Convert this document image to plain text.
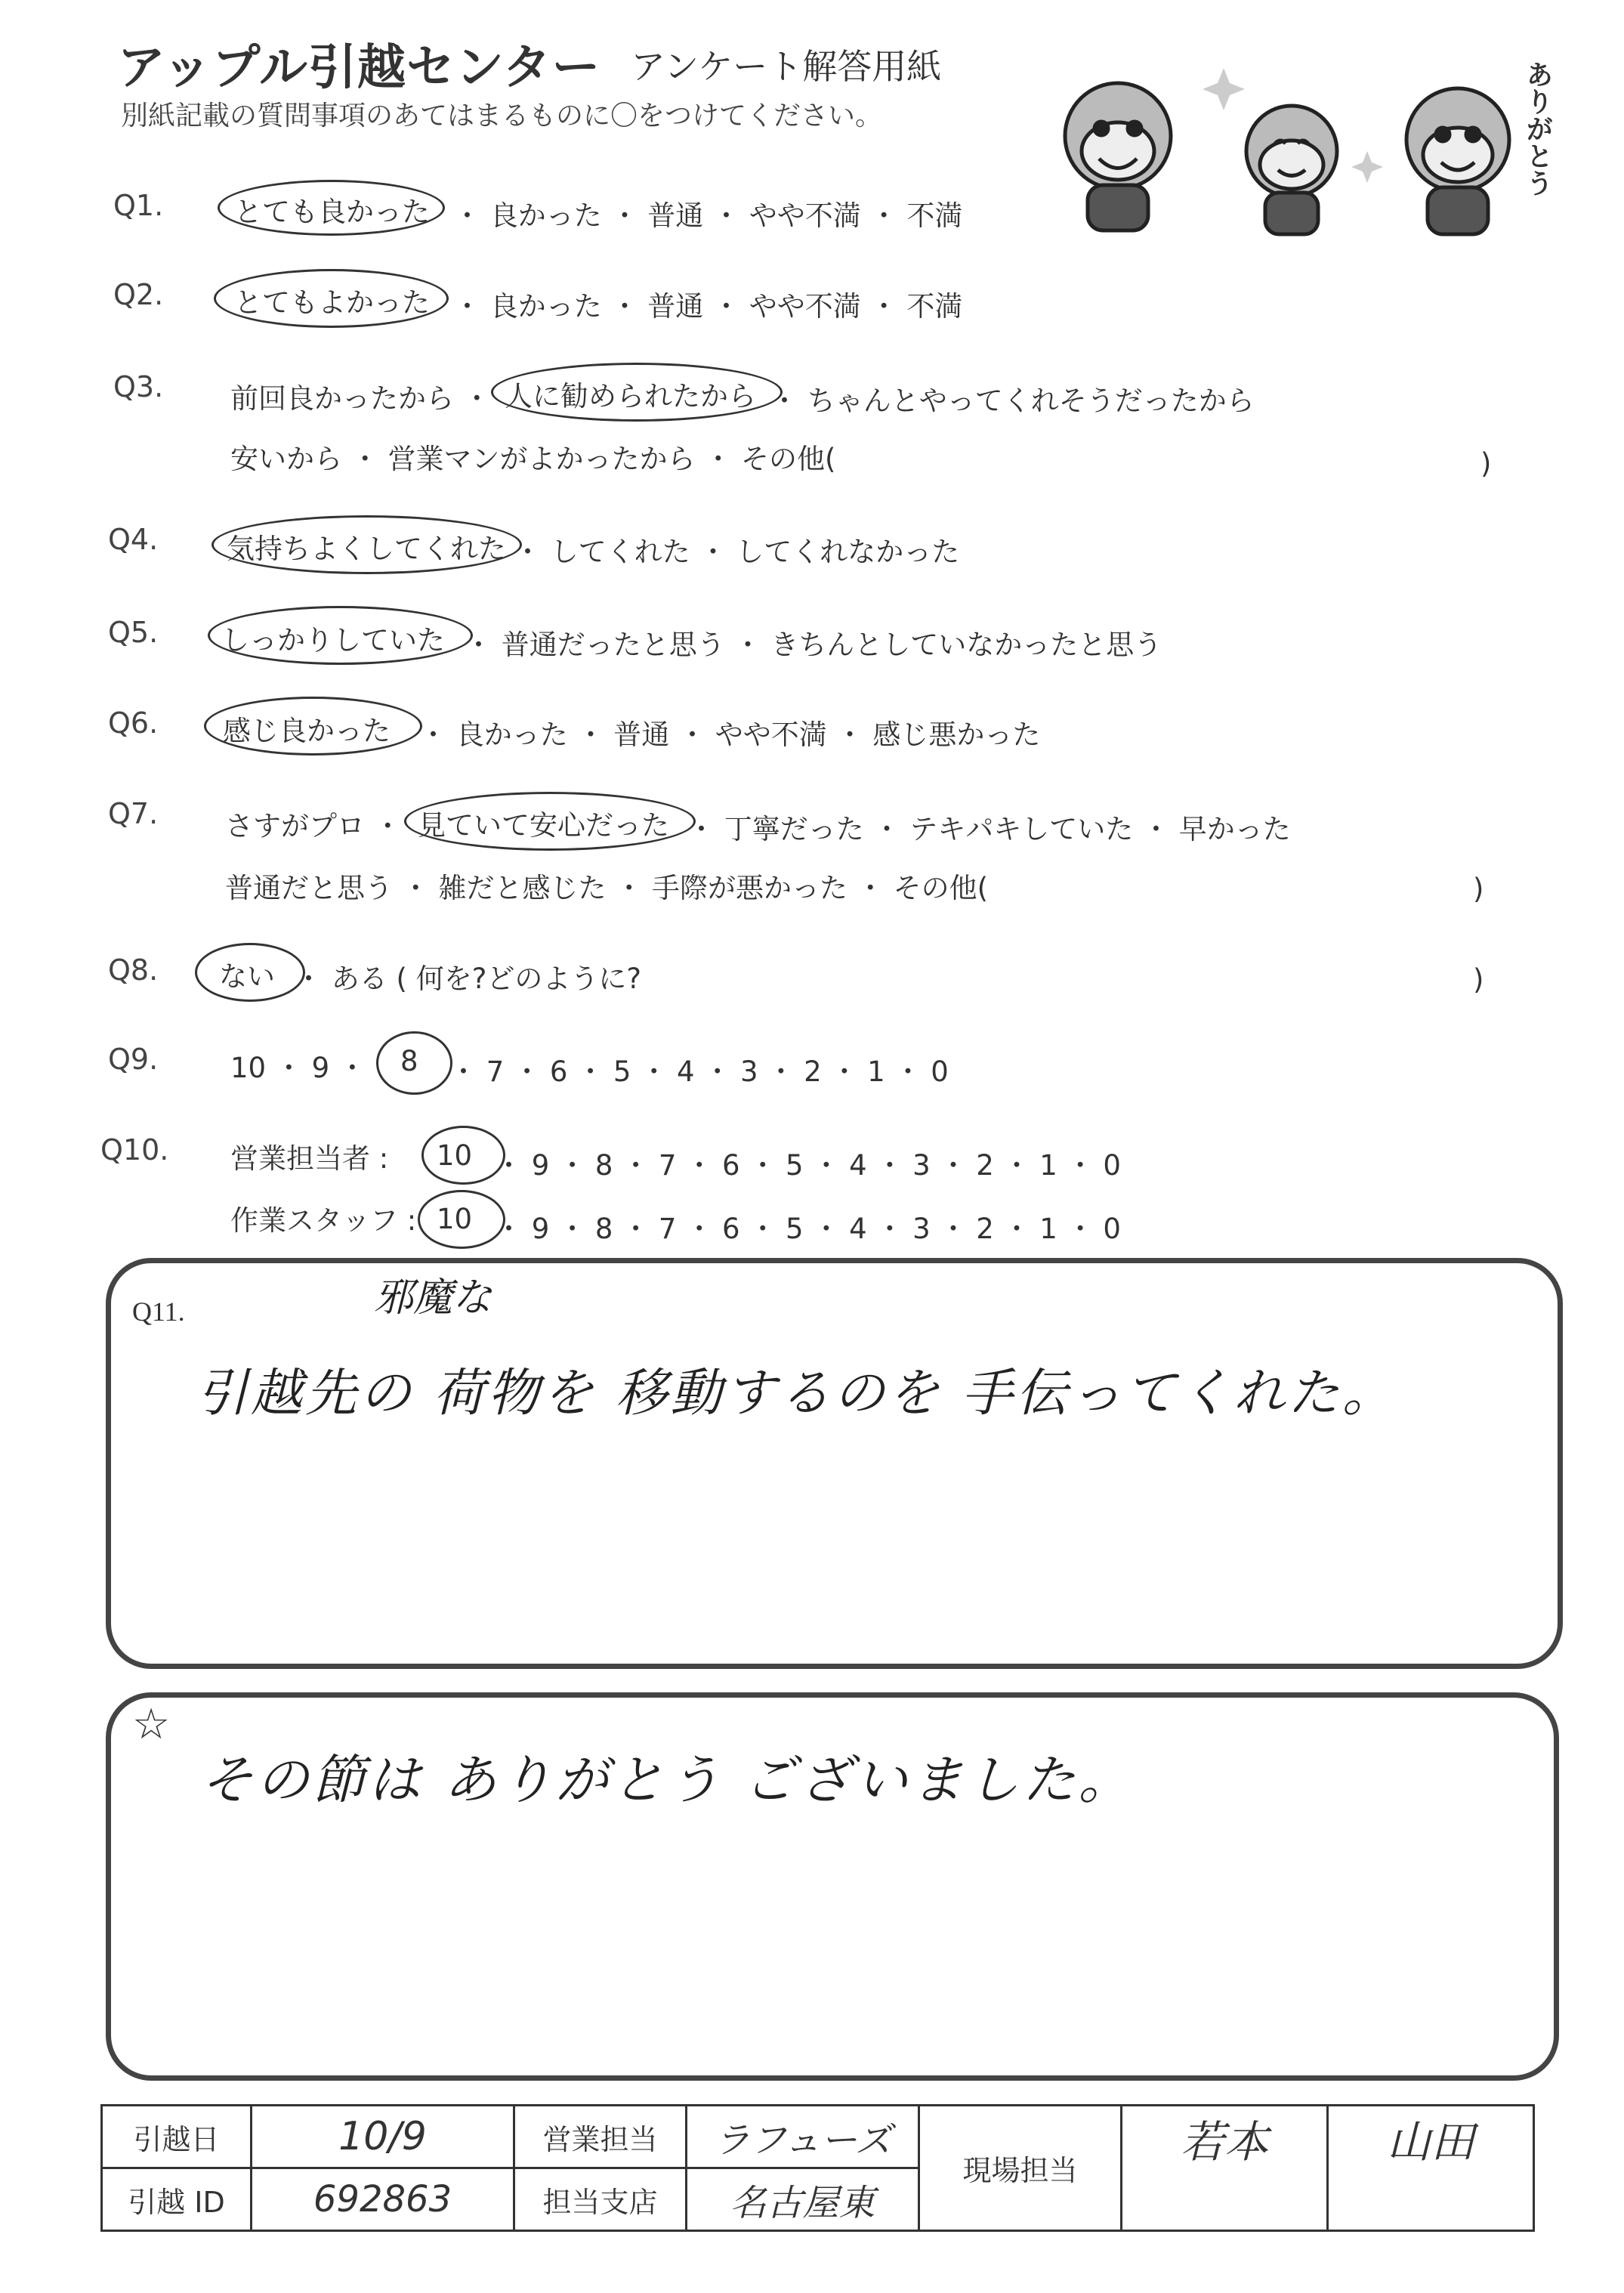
アップル引越センター アンケート解答用紙
別紙記載の質問事項のあてはまるものに〇をつけてください。	ありがとう
Q1.	とても良かった ・ 良かった ・ 普通 ・ やや不満 ・ 不満
Q2.	とてもよかった ・ 良かった ・ 普通 ・ やや不満 ・ 不満
Q3. 前回良かったから ・ 人に勧められたから ・ ちゃんとやってくれそうだったから
安いから ・ 営業マンがよかったから ・ その他(	)
Q4. 気持ちよくしてくれた ・ してくれた ・ してくれなかった
Q5. しっかりしていた ・ 普通だったと思う ・ きちんとしていなかったと思う
Q6. 感じ良かった ・ 良かった ・ 普通 ・ やや不満 ・ 感じ悪かった
Q7. さすがプロ ・ 見ていて安心だった ・ 丁寧だった ・ テキパキしていた ・ 早かった
普通だと思う ・ 雑だと感じた ・ 手際が悪かった ・ その他(	)
Q8. ない ・ ある ( 何を?どのように?	)
Q9.	10 ・ 9 ・ 8 ・ 7 ・ 6 ・ 5 ・ 4 ・ 3 ・ 2 ・ 1 ・ 0
Q10. 営業担当者 : 10 ・ 9 ・ 8 ・ 7 ・ 6 ・ 5 ・ 4 ・ 3 ・ 2 ・ 1 ・ 0
作業スタッフ : 10 ・ 9 ・ 8 ・ 7 ・ 6 ・ 5 ・ 4 ・ 3 ・ 2 ・ 1 ・ 0
Q11.	邪魔な
引越先の 荷物を 移動するのを 手伝ってくれた。
☆
その節は ありがとう ございました。
引越日	10/9	営業担当	ラフューズ	現場担当	若本	山田
引越 ID	692863	担当支店	名古屋東			
